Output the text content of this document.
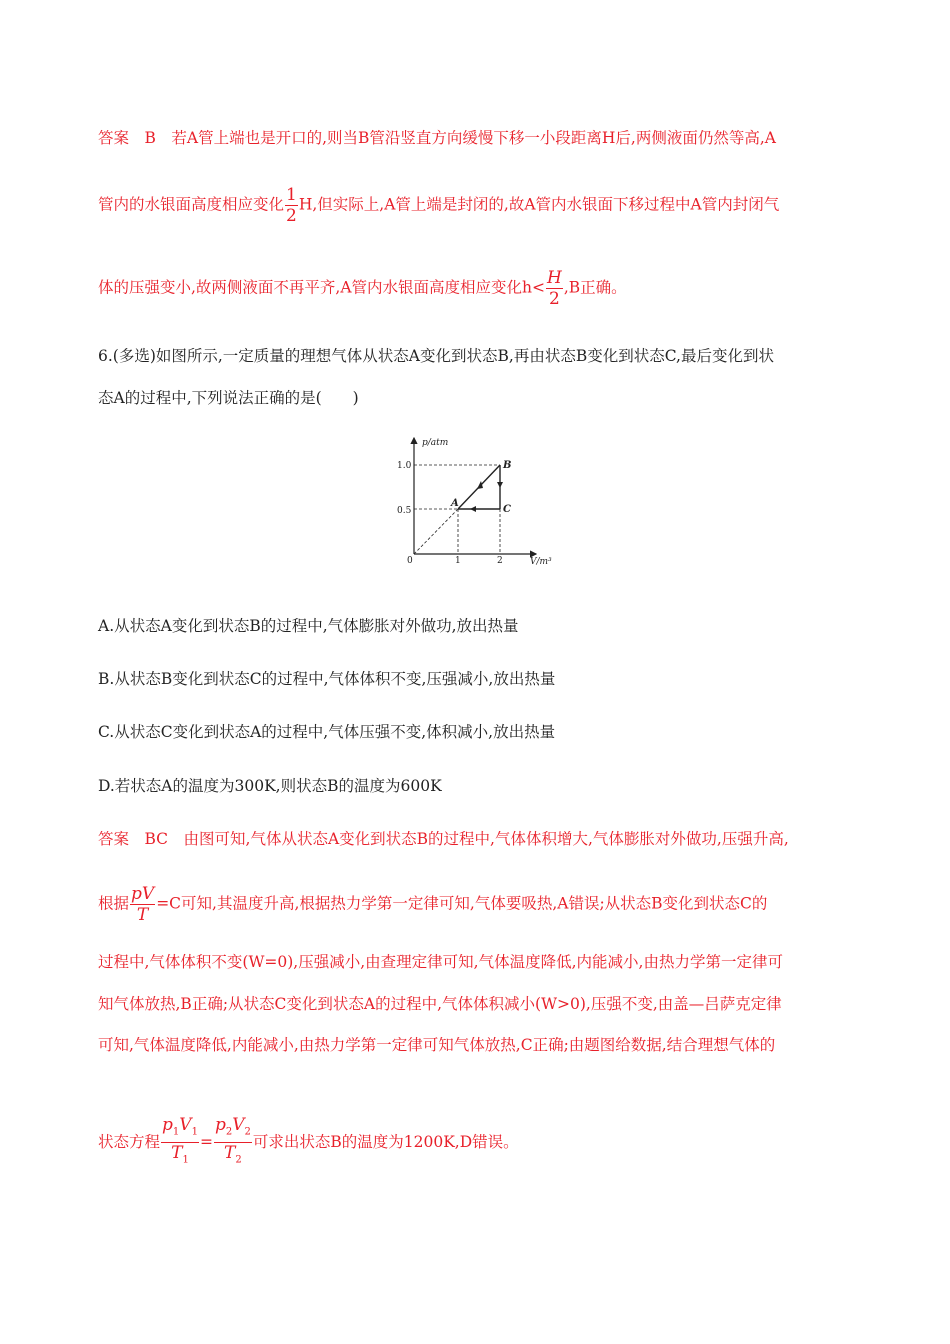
答案　B　若A管上端也是开口的,则当B管沿竖直方向缓慢下移一小段距离H后,两侧液面仍然等高,A
管内的水银面高度相应变化 $\frac{1}{2} H$,但实际上,A管上端是封闭的,故A管内水银面下移过程中A管内封闭气
体的压强变小,故两侧液面不再平齐,A管内水银面高度相应变化$h< \frac{H}{2} ,B$正确。
6.(多选)如图所示,一定质量的理想气体从状态A变化到状态B,再由状态B变化到状态C,最后变化到状
态A的过程中,下列说法正确的是(　　)
p/atm
V/m³
0
1.0
0.5
1	2
A
B
C
A.从状态A变化到状态B的过程中,气体膨胀对外做功,放出热量
B.从状态B变化到状态C的过程中,气体体积不变,压强减小,放出热量
C.从状态C变化到状态A的过程中,气体压强不变,体积减小,放出热量
D.若状态A的温度为300K,则状态B的温度为600K
答案　BC　由图可知,气体从状态A变化到状态B的过程中,气体体积增大,气体膨胀对外做功,压强升高,
根据 $\frac{pV}{T} =C$可知,其温度升高,根据热力学第一定律可知,气体要吸热,A错误;从状态B变化到状态C的
过程中,气体体积不变(W=0),压强减小,由查理定律可知,气体温度降低,内能减小,由热力学第一定律可
知气体放热,B正确;从状态C变化到状态A的过程中,气体体积减小(W>0),压强不变,由盖—吕萨克定律
可知,气体温度降低,内能减小,由热力学第一定律可知气体放热,C正确;由题图给数据,结合理想气体的
状态方程 $\frac{p_1V_1}{T_1} = \frac{p_2V_2}{T_2}$ 可求出状态B的温度为1200K,D错误。
